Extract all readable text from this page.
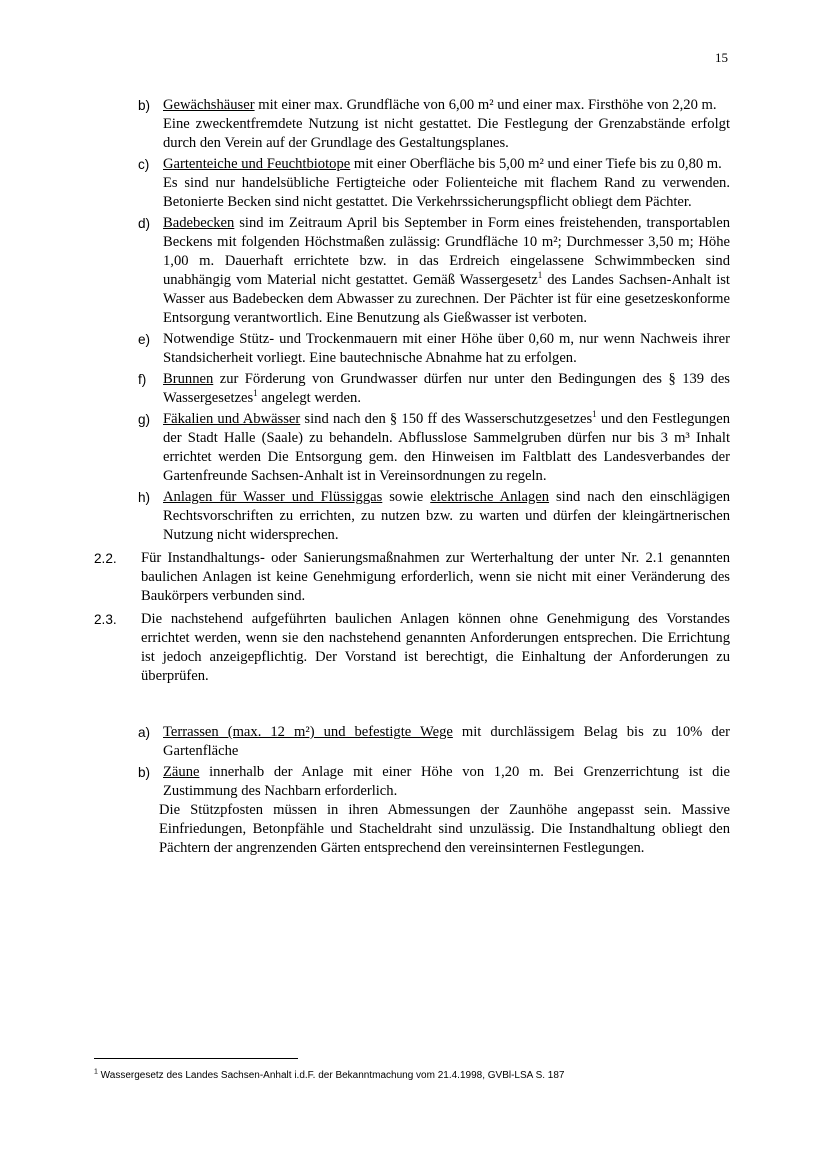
15
b) Gewächshäuser mit einer max. Grundfläche von 6,00 m² und einer max. Firsthöhe von 2,20 m.
Eine zweckentfremdete Nutzung ist nicht gestattet. Die Festlegung der Grenzabstände erfolgt durch den Verein auf der Grundlage des Gestaltungsplanes.
c) Gartenteiche und Feuchtbiotope mit einer Oberfläche bis 5,00 m² und einer Tiefe bis zu 0,80 m.
Es sind nur handelsübliche Fertigteiche oder Folienteiche mit flachem Rand zu verwenden. Betonierte Becken sind nicht gestattet. Die Verkehrssicherungspflicht obliegt dem Pächter.
d) Badebecken sind im Zeitraum April bis September in Form eines freistehenden, transportablen Beckens mit folgenden Höchstmaßen zulässig: Grundfläche 10 m²; Durchmesser 3,50 m; Höhe 1,00 m. Dauerhaft errichtete bzw. in das Erdreich eingelassene Schwimmbecken sind unabhängig vom Material nicht gestattet. Gemäß Wassergesetz$^1$ des Landes Sachsen-Anhalt ist Wasser aus Badebecken dem Abwasser zu zurechnen. Der Pächter ist für eine gesetzeskonforme Entsorgung verantwortlich. Eine Benutzung als Gießwasser ist verboten.
e) Notwendige Stütz- und Trockenmauern mit einer Höhe über 0,60 m, nur wenn Nachweis ihrer Standsicherheit vorliegt. Eine bautechnische Abnahme hat zu erfolgen.
f) Brunnen zur Förderung von Grundwasser dürfen nur unter den Bedingungen des § 139 des Wassergesetzes$^1$ angelegt werden.
g) Fäkalien und Abwässer sind nach den § 150 ff des Wasserschutzgesetzes$^1$ und den Festlegungen der Stadt Halle (Saale) zu behandeln. Abflusslose Sammelgruben dürfen nur bis 3 m³ Inhalt errichtet werden Die Entsorgung gem. den Hinweisen im Faltblatt des Landesverbandes der Gartenfreunde Sachsen-Anhalt ist in Vereinsordnungen zu regeln.
h) Anlagen für Wasser und Flüssiggas sowie elektrische Anlagen sind nach den einschlägigen Rechtsvorschriften zu errichten, zu nutzen bzw. zu warten und dürfen der kleingärtnerischen Nutzung nicht widersprechen.
2.2. Für Instandhaltungs- oder Sanierungsmaßnahmen zur Werterhaltung der unter Nr. 2.1 genannten baulichen Anlagen ist keine Genehmigung erforderlich, wenn sie nicht mit einer Veränderung des Baukörpers verbunden sind.
2.3. Die nachstehend aufgeführten baulichen Anlagen können ohne Genehmigung des Vorstandes errichtet werden, wenn sie den nachstehend genannten Anforderungen entsprechen. Die Errichtung ist jedoch anzeigepflichtig. Der Vorstand ist berechtigt, die Einhaltung der Anforderungen zu überprüfen.
a) Terrassen (max. 12 m²) und befestigte Wege mit durchlässigem Belag bis zu 10% der Gartenfläche
b) Zäune innerhalb der Anlage mit einer Höhe von 1,20 m. Bei Grenzerrichtung ist die Zustimmung des Nachbarn erforderlich.
Die Stützpfosten müssen in ihren Abmessungen der Zaunhöhe angepasst sein. Massive Einfriedungen, Betonpfähle und Stacheldraht sind unzulässig. Die Instandhaltung obliegt den Pächtern der angrenzenden Gärten entsprechend den vereinsinternen Festlegungen.
$^1$ Wassergesetz des Landes Sachsen-Anhalt i.d.F. der Bekanntmachung vom 21.4.1998, GVBl-LSA S. 187
